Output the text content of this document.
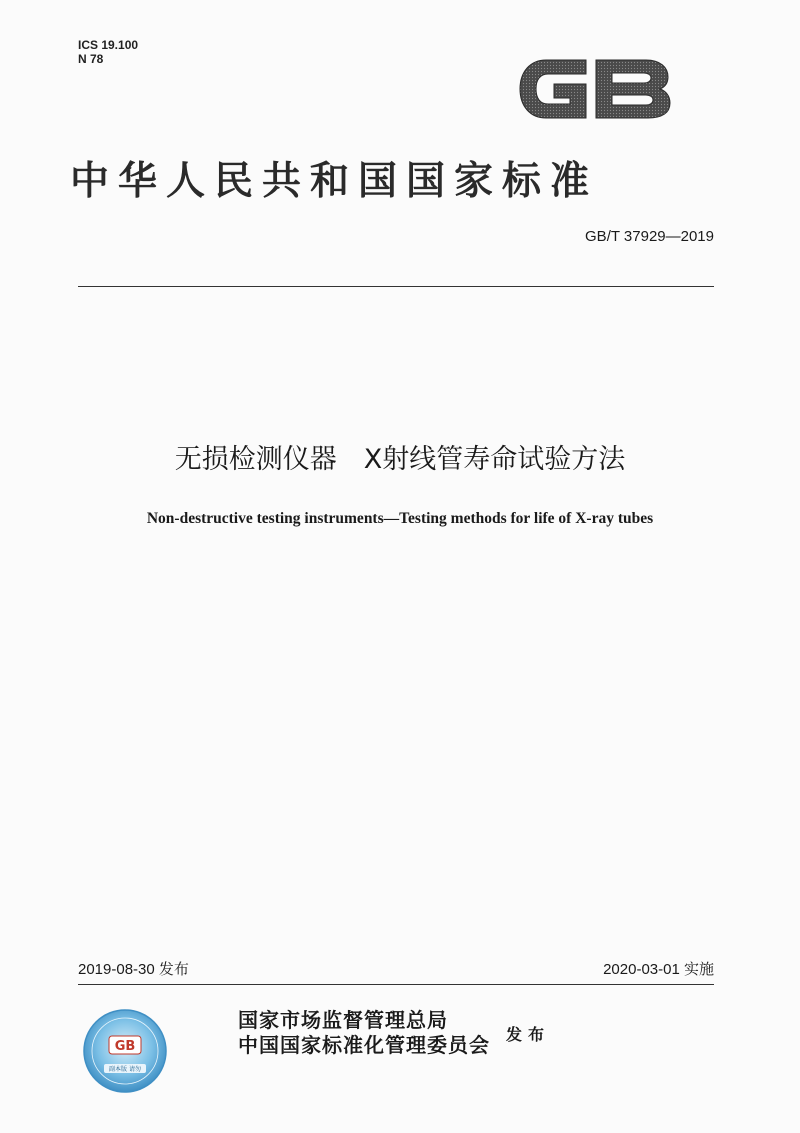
ICS 19.100
N 78
中华人民共和国国家标准
GB/T 37929—2019
无损检测仪器　X射线管寿命试验方法
Non-destructive testing instruments—Testing methods for life of X-ray tubes
2019-08-30 发布	2020-03-01 实施
GB
副本版 请勿
国家市场监督管理总局
中国国家标准化管理委员会 发布
